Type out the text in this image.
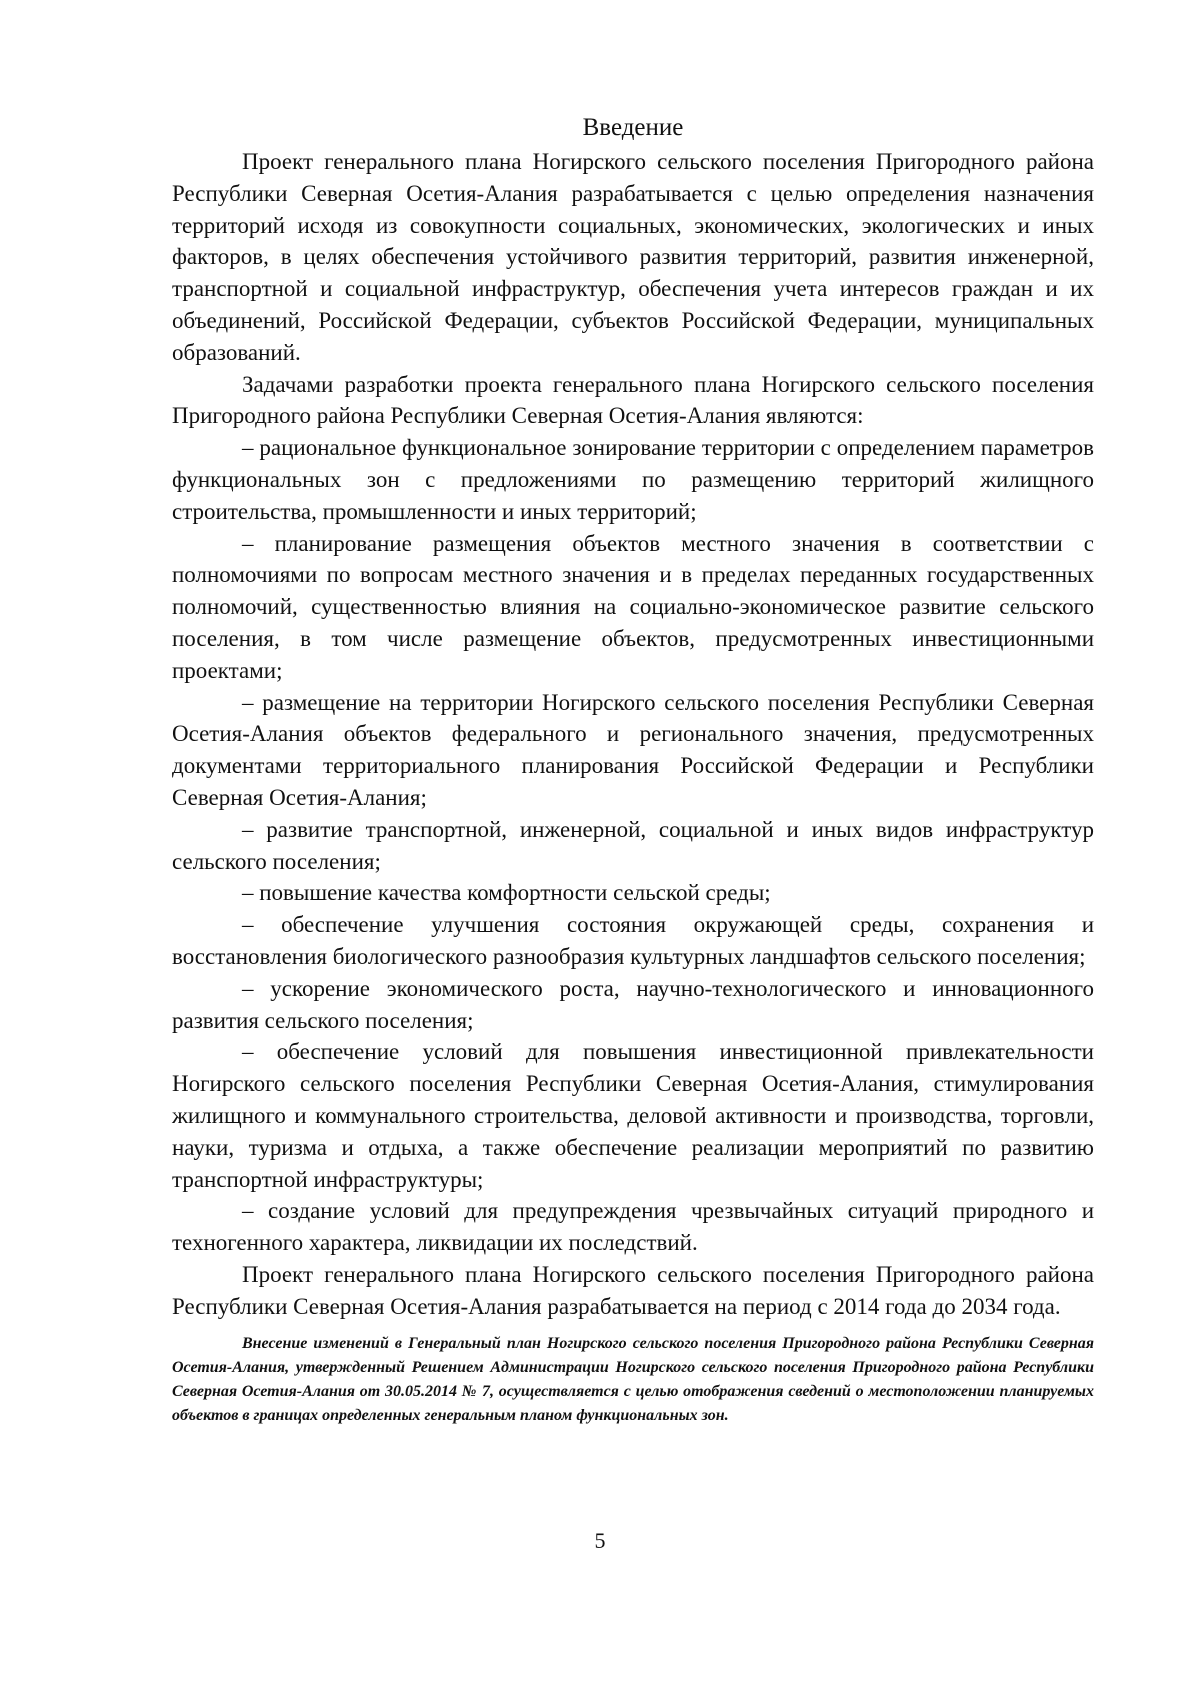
Введение

Проект генерального плана Ногирского сельского поселения Пригородного района Республики Северная Осетия-Алания разрабатывается с целью определения назначения территорий исходя из совокупности социальных, экономических, экологических и иных факторов, в целях обеспечения устойчивого развития территорий, развития инженерной, транспортной и социальной инфраструктур, обеспечения учета интересов граждан и их объединений, Российской Федерации, субъектов Российской Федерации, муниципальных образований.

Задачами разработки проекта генерального плана Ногирского сельского поселения Пригородного района Республики Северная Осетия-Алания являются:

– рациональное функциональное зонирование территории с определением параметров функциональных зон с предложениями по размещению территорий жилищного строительства, промышленности и иных территорий;

– планирование размещения объектов местного значения в соответствии с полномочиями по вопросам местного значения и в пределах переданных государственных полномочий, существенностью влияния на социально-экономическое развитие сельского поселения, в том числе размещение объектов, предусмотренных инвестиционными проектами;

– размещение на территории Ногирского сельского поселения Республики Северная Осетия-Алания объектов федерального и регионального значения, предусмотренных документами территориального планирования Российской Федерации и Республики Северная Осетия-Алания;

– развитие транспортной, инженерной, социальной и иных видов инфраструктур сельского поселения;

– повышение качества комфортности сельской среды;

– обеспечение улучшения состояния окружающей среды, сохранения и восстановления биологического разнообразия культурных ландшафтов сельского поселения;

– ускорение экономического роста, научно-технологического и инновационного развития сельского поселения;

– обеспечение условий для повышения инвестиционной привлекательности Ногирского сельского поселения Республики Северная Осетия-Алания, стимулирования жилищного и коммунального строительства, деловой активности и производства, торговли, науки, туризма и отдыха, а также обеспечение реализации мероприятий по развитию транспортной инфраструктуры;

– создание условий для предупреждения чрезвычайных ситуаций природного и техногенного характера, ликвидации их последствий.

Проект генерального плана Ногирского сельского поселения Пригородного района Республики Северная Осетия-Алания разрабатывается на период с 2014 года до 2034 года.

Внесение изменений в Генеральный план Ногирского сельского поселения Пригородного района Республики Северная Осетия-Алания, утвержденный Решением Администрации Ногирского сельского поселения Пригородного района Республики Северная Осетия-Алания от 30.05.2014 № 7, осуществляется с целью отображения сведений о местоположении планируемых объектов в границах определенных генеральным планом функциональных зон.
5
